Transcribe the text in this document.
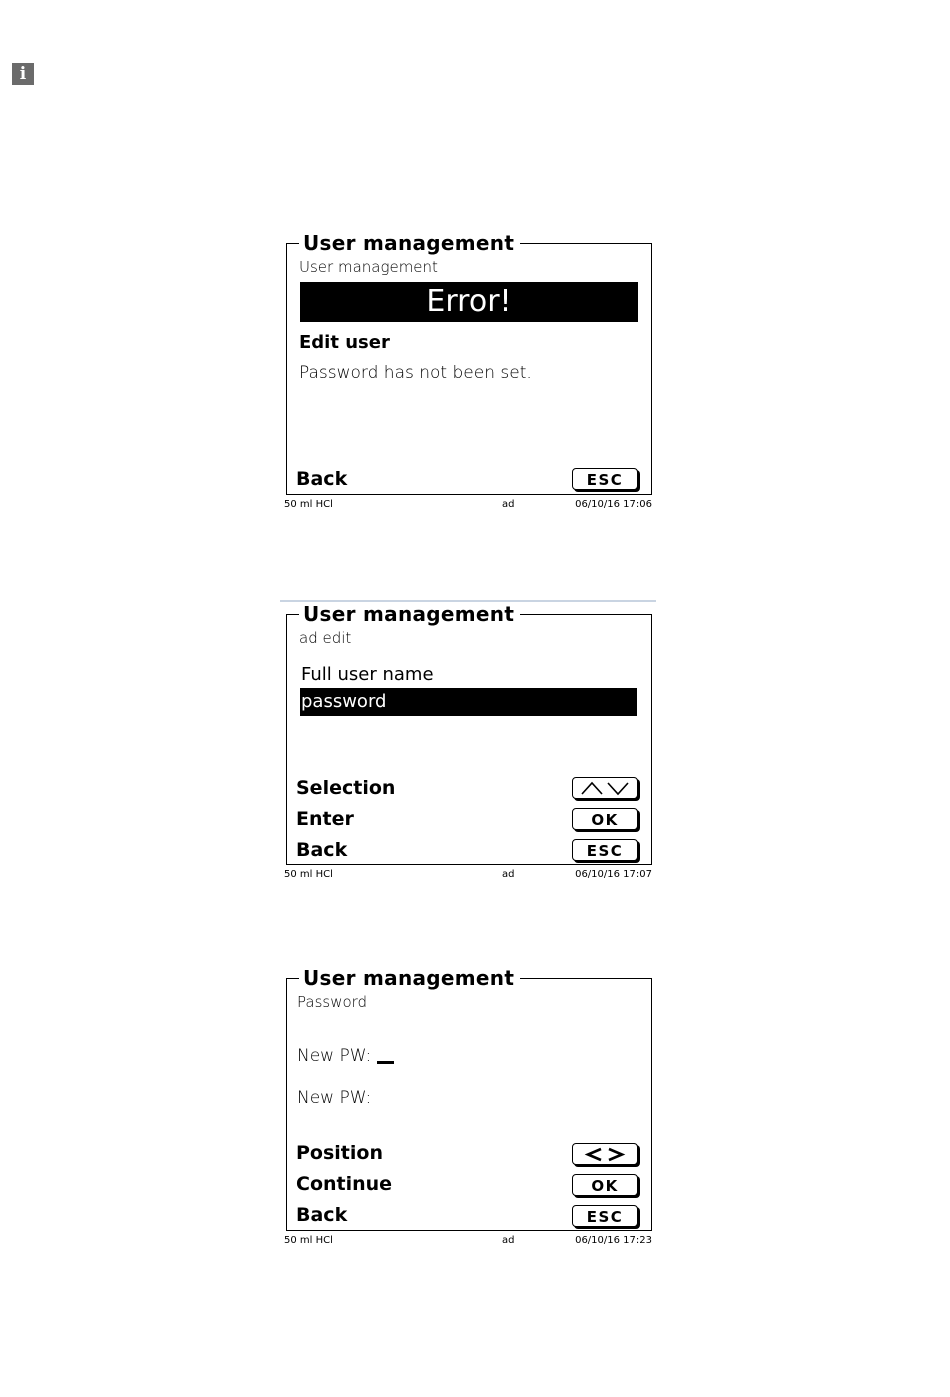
i
User management
User management
Error!
Edit user
Password has not been set.
Back	ESC
50 ml HCl	ad	06/10/16 17:06
User management
ad edit
Full user name
password
Selection
Enter	OK
Back	ESC
50 ml HCl	ad	06/10/16 17:07
User management
Password
New PW:
New PW:
Position
Continue	OK
Back	ESC
50 ml HCl	ad	06/10/16 17:23
